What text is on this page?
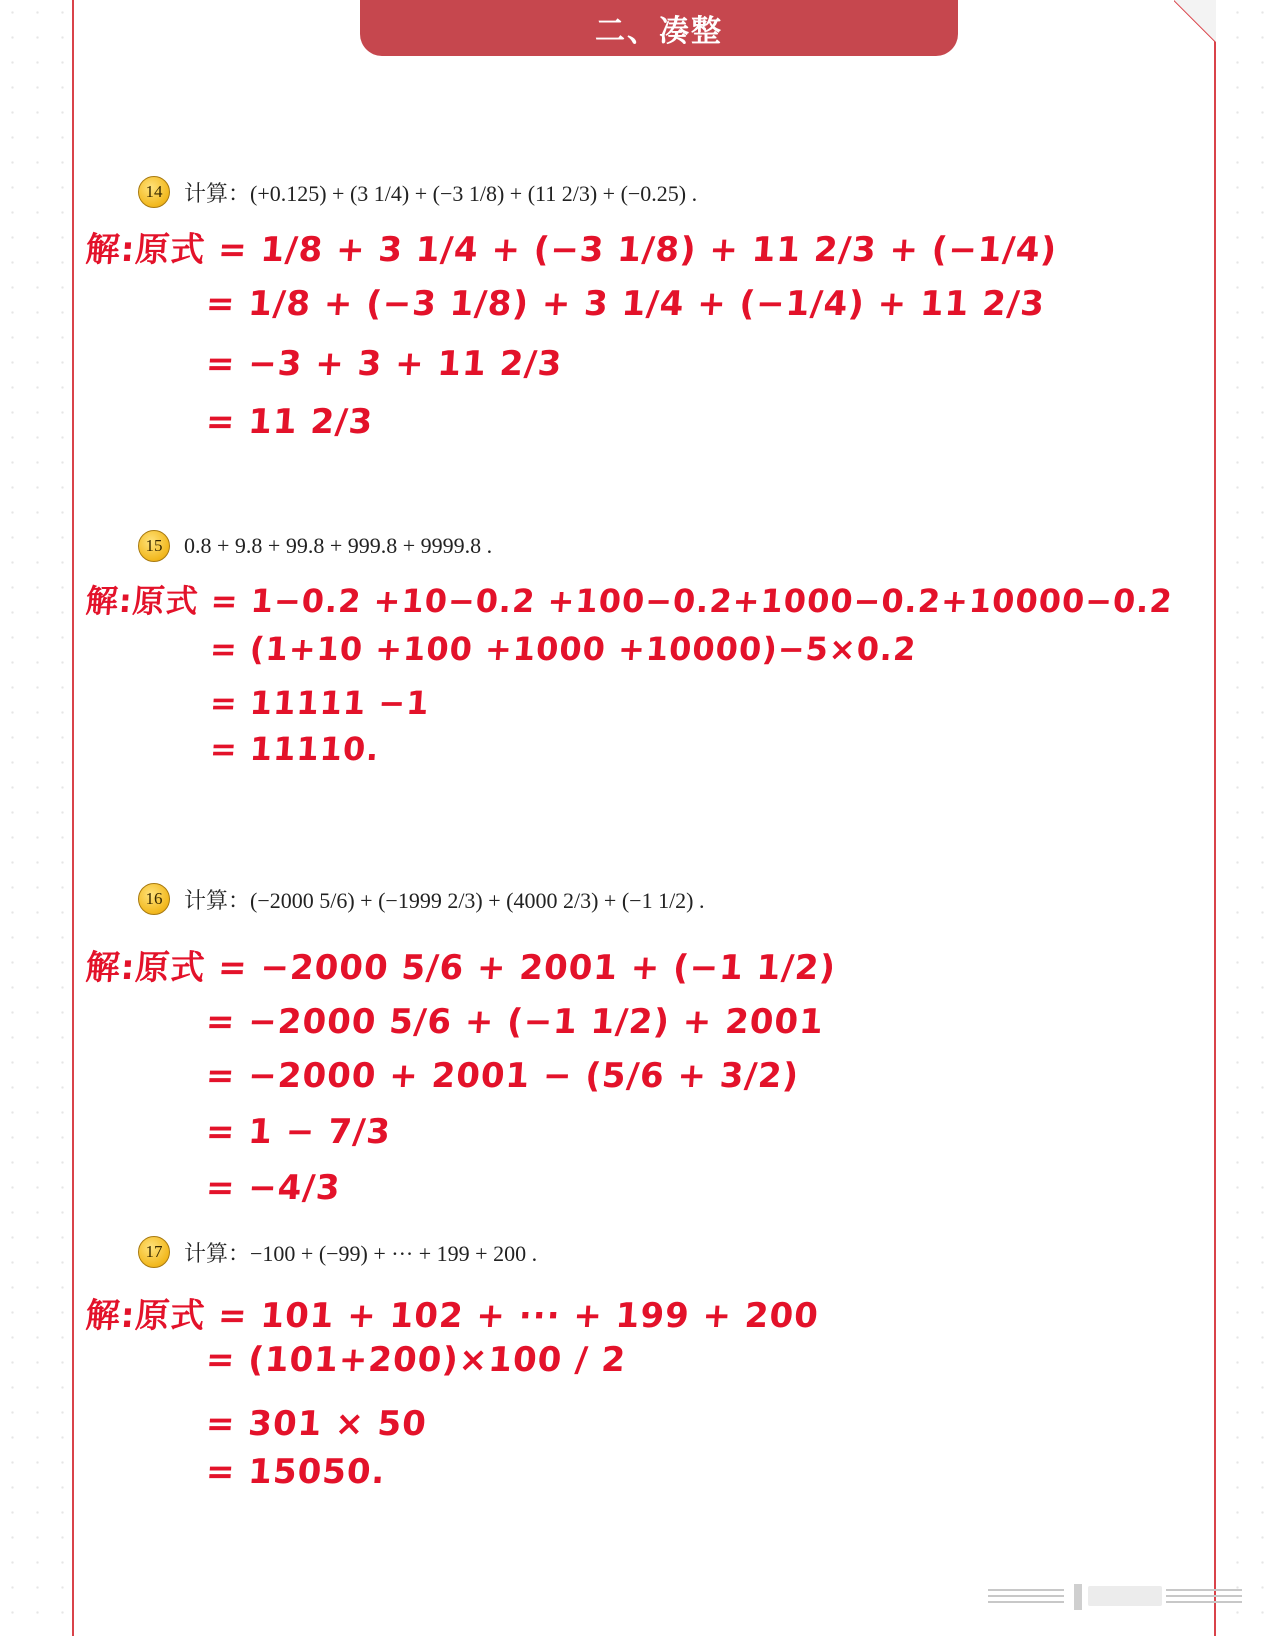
二、凑整
14 计算：(+0.125) + (3 1/4) + (−3 1/8) + (11 2/3) + (−0.25) .
解:原式 = 1/8 + 3 1/4 + (−3 1/8) + 11 2/3 + (−1/4)
= 1/8 + (−3 1/8) + 3 1/4 + (−1/4) + 11 2/3
= −3 + 3 + 11 2/3
= 11 2/3
15 0.8 + 9.8 + 99.8 + 999.8 + 9999.8 .
解:原式 = 1−0.2 +10−0.2 +100−0.2+1000−0.2+10000−0.2
= (1+10 +100 +1000 +10000)−5×0.2
= 11111 −1
= 11110.
16 计算：(−2000 5/6) + (−1999 2/3) + (4000 2/3) + (−1 1/2) .
解:原式 = −2000 5/6 + 2001 + (−1 1/2)
= −2000 5/6 + (−1 1/2) + 2001
= −2000 + 2001 − (5/6 + 3/2)
= 1 − 7/3
= −4/3
17 计算：−100 + (−99) + ··· + 199 + 200 .
解:原式 = 101 + 102 + ··· + 199 + 200
= (101+200)×100 / 2
= 301 × 50
= 15050.
